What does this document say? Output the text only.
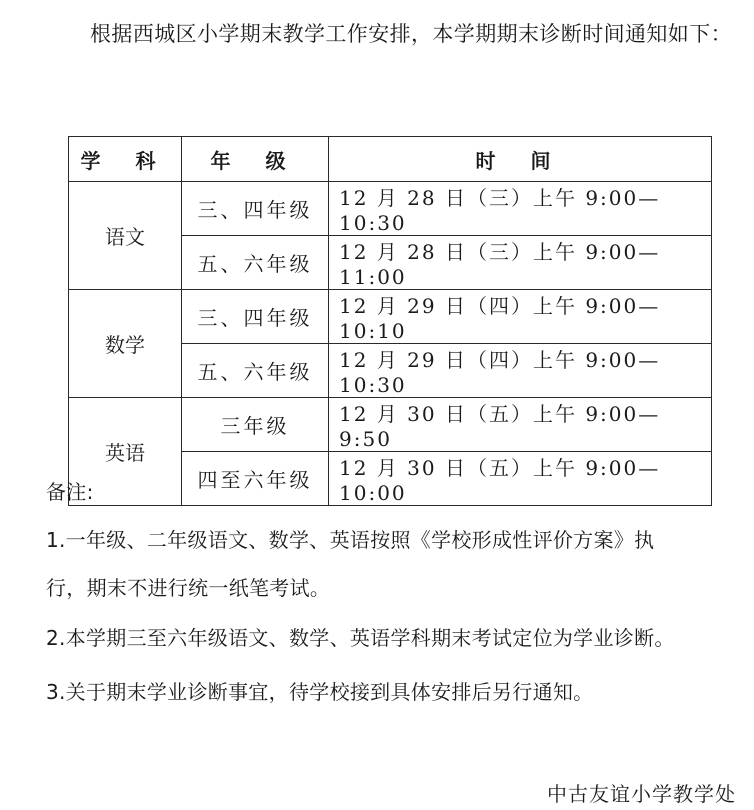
根据西城区小学期末教学工作安排，本学期期末诊断时间通知如下：
学 科	年 级	时 间
语文	三、四年级	12 月 28 日（三）上午 9:00—10:30
	五、六年级	12 月 28 日（三）上午 9:00—11:00
数学	三、四年级	12 月 29 日（四）上午 9:00—10:10
	五、六年级	12 月 29 日（四）上午 9:00—10:30
英语	三年级	12 月 30 日（五）上午 9:00—9:50
	四至六年级	12 月 30 日（五）上午 9:00—10:00
备注:
1.一年级、二年级语文、数学、英语按照《学校形成性评价方案》执
行，期末不进行统一纸笔考试。
2.本学期三至六年级语文、数学、英语学科期末考试定位为学业诊断。
3.关于期末学业诊断事宜，待学校接到具体安排后另行通知。
中古友谊小学教学处
